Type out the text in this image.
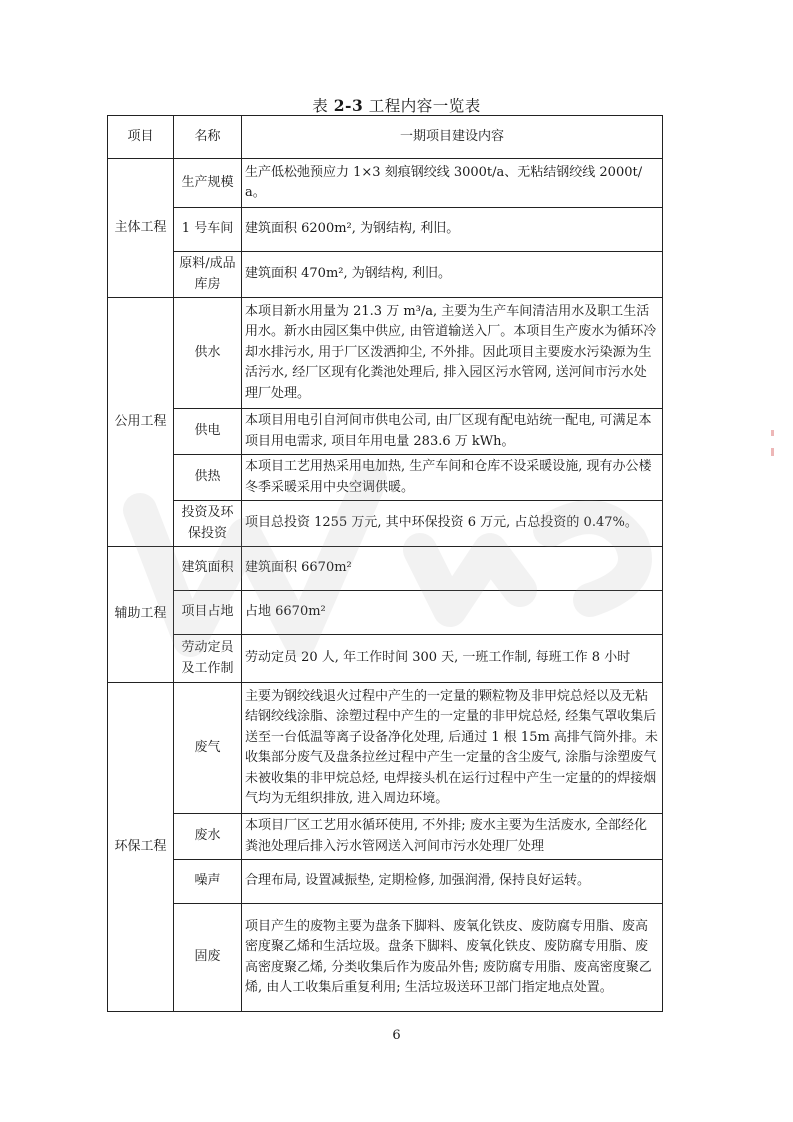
表 2-3 工程内容一览表
项目	名称	一期项目建设内容
主体工程	生产规模	生产低松弛预应力 1×3 刻痕钢绞线 3000t/a、无粘结钢绞线 2000t/a。
	1 号车间	建筑面积 6200m², 为钢结构, 利旧。
	原料/成品库房	建筑面积 470m², 为钢结构, 利旧。
公用工程	供水	本项目新水用量为 21.3 万 m³/a, 主要为生产车间清洁用水及职工生活用水。新水由园区集中供应, 由管道输送入厂。本项目生产废水为循环冷却水排污水, 用于厂区泼洒抑尘, 不外排。因此项目主要废水污染源为生活污水, 经厂区现有化粪池处理后, 排入园区污水管网, 送河间市污水处理厂处理。
	供电	本项目用电引自河间市供电公司, 由厂区现有配电站统一配电, 可满足本项目用电需求, 项目年用电量 283.6 万 kWh。
	供热	本项目工艺用热采用电加热, 生产车间和仓库不设采暖设施, 现有办公楼冬季采暖采用中央空调供暖。
	投资及环保投资	项目总投资 1255 万元, 其中环保投资 6 万元, 占总投资的 0.47%。
辅助工程	建筑面积	建筑面积 6670m²
	项目占地	占地 6670m²
	劳动定员及工作制	劳动定员 20 人, 年工作时间 300 天, 一班工作制, 每班工作 8 小时
环保工程	废气	主要为钢绞线退火过程中产生的一定量的颗粒物及非甲烷总烃以及无粘结钢绞线涂脂、涂塑过程中产生的一定量的非甲烷总烃, 经集气罩收集后送至一台低温等离子设备净化处理, 后通过 1 根 15m 高排气筒外排。未收集部分废气及盘条拉丝过程中产生一定量的含尘废气, 涂脂与涂塑废气未被收集的非甲烷总烃, 电焊接头机在运行过程中产生一定量的的焊接烟气均为无组织排放, 进入周边环境。
	废水	本项目厂区工艺用水循环使用, 不外排; 废水主要为生活废水, 全部经化粪池处理后排入污水管网送入河间市污水处理厂处理
	噪声	合理布局, 设置减振垫, 定期检修, 加强润滑, 保持良好运转。
	固废	项目产生的废物主要为盘条下脚料、废氧化铁皮、废防腐专用脂、废高密度聚乙烯和生活垃圾。盘条下脚料、废氧化铁皮、废防腐专用脂、废高密度聚乙烯, 分类收集后作为废品外售; 废防腐专用脂、废高密度聚乙烯, 由人工收集后重复利用; 生活垃圾送环卫部门指定地点处置。
6
